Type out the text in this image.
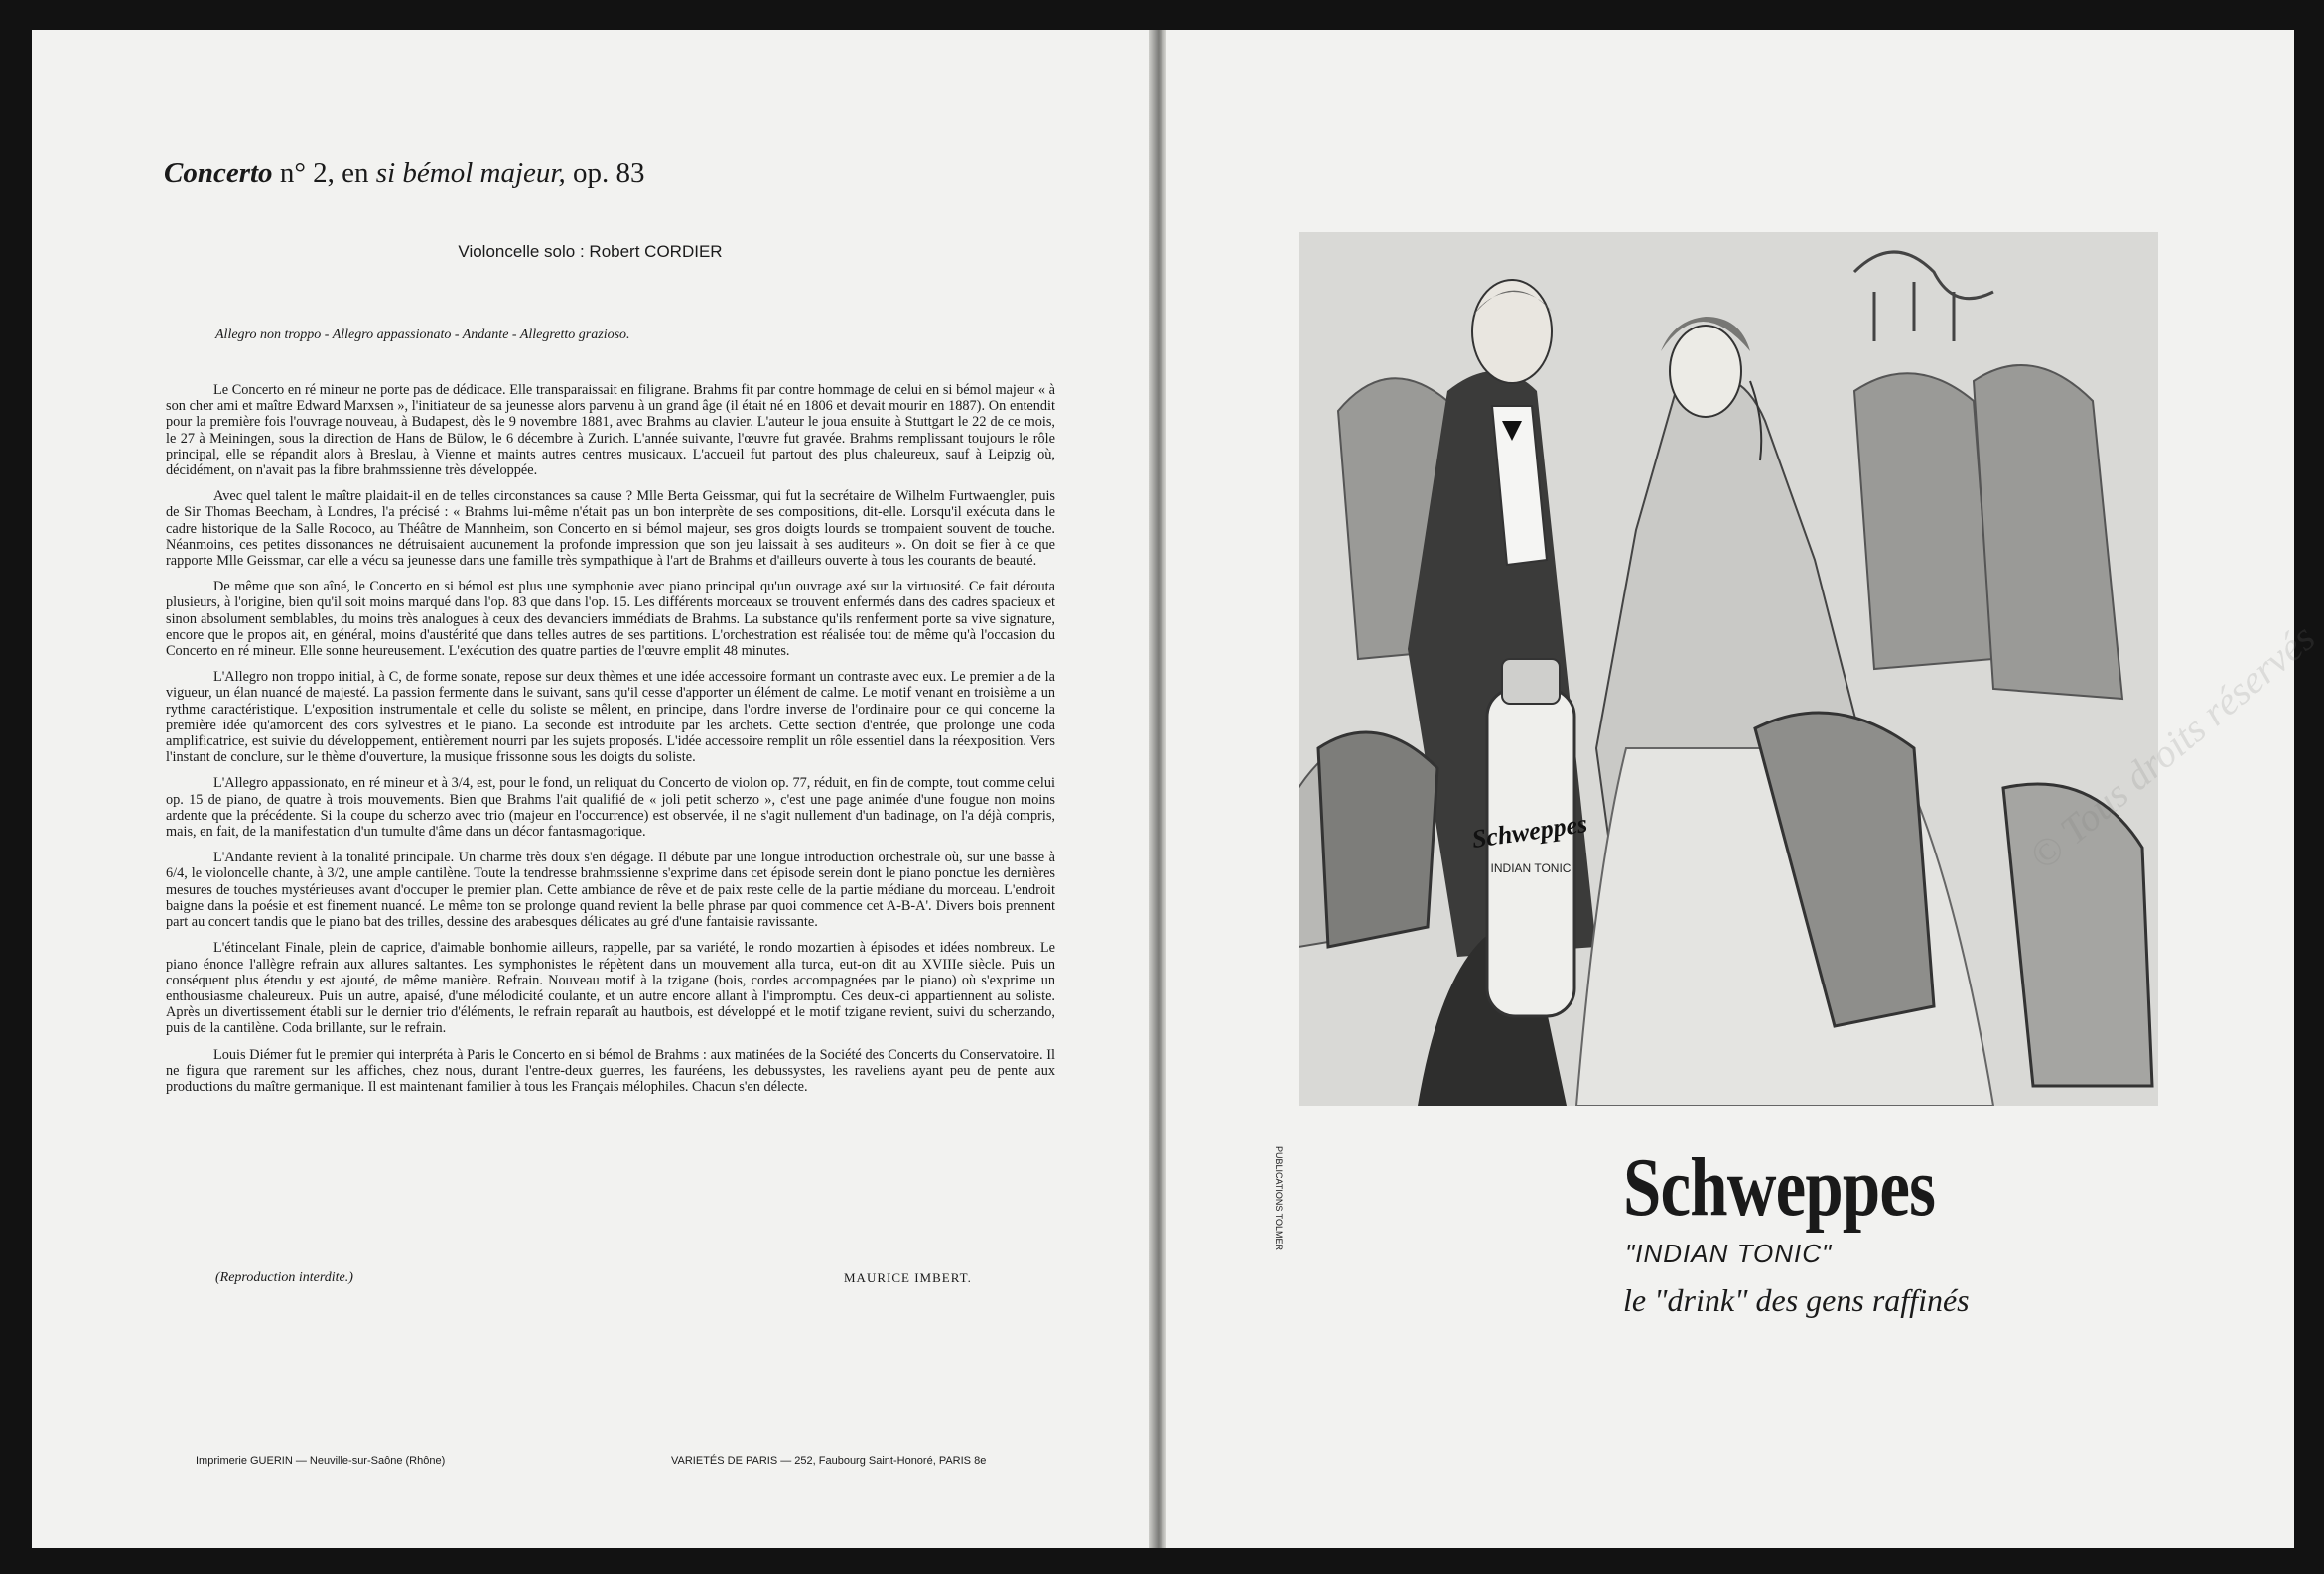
Concerto n° 2, en si bémol majeur, op. 83

Violoncelle solo : Robert CORDIER

Allegro non troppo - Allegro appassionato - Andante - Allegretto grazioso.

Le Concerto en ré mineur ne porte pas de dédicace. Elle transparaissait en filigrane. Brahms fit par contre hommage de celui en si bémol majeur « à son cher ami et maître Edward Marxsen », l'initiateur de sa jeunesse alors parvenu à un grand âge (il était né en 1806 et devait mourir en 1887). On entendit pour la première fois l'ouvrage nouveau, à Budapest, dès le 9 novembre 1881, avec Brahms au clavier. L'auteur le joua ensuite à Stuttgart le 22 de ce mois, le 27 à Meiningen, sous la direction de Hans de Bülow, le 6 décembre à Zurich. L'année suivante, l'œuvre fut gravée. Brahms remplissant toujours le rôle principal, elle se répandit alors à Breslau, à Vienne et maints autres centres musicaux. L'accueil fut partout des plus chaleureux, sauf à Leipzig où, décidément, on n'avait pas la fibre brahmssienne très développée.

Avec quel talent le maître plaidait-il en de telles circonstances sa cause ? Mlle Berta Geissmar, qui fut la secrétaire de Wilhelm Furtwaengler, puis de Sir Thomas Beecham, à Londres, l'a précisé : « Brahms lui-même n'était pas un bon interprète de ses compositions, dit-elle. Lorsqu'il exécuta dans le cadre historique de la Salle Rococo, au Théâtre de Mannheim, son Concerto en si bémol majeur, ses gros doigts lourds se trompaient souvent de touche. Néanmoins, ces petites dissonances ne détruisaient aucunement la profonde impression que son jeu laissait à ses auditeurs ». On doit se fier à ce que rapporte Mlle Geissmar, car elle a vécu sa jeunesse dans une famille très sympathique à l'art de Brahms et d'ailleurs ouverte à tous les courants de beauté.

De même que son aîné, le Concerto en si bémol est plus une symphonie avec piano principal qu'un ouvrage axé sur la virtuosité. Ce fait dérouta plusieurs, à l'origine, bien qu'il soit moins marqué dans l'op. 83 que dans l'op. 15. Les différents morceaux se trouvent enfermés dans des cadres spacieux et sinon absolument semblables, du moins très analogues à ceux des devanciers immédiats de Brahms. La substance qu'ils renferment porte sa vive signature, encore que le propos ait, en général, moins d'austérité que dans telles autres de ses partitions. L'orchestration est réalisée tout de même qu'à l'occasion du Concerto en ré mineur. Elle sonne heureusement. L'exécution des quatre parties de l'œuvre emplit 48 minutes.

L'Allegro non troppo initial, à C, de forme sonate, repose sur deux thèmes et une idée accessoire formant un contraste avec eux. Le premier a de la vigueur, un élan nuancé de majesté. La passion fermente dans le suivant, sans qu'il cesse d'apporter un élément de calme. Le motif venant en troisième a un rythme caractéristique. L'exposition instrumentale et celle du soliste se mêlent, en principe, dans l'ordre inverse de l'ordinaire pour ce qui concerne la première idée qu'amorcent des cors sylvestres et le piano. La seconde est introduite par les archets. Cette section d'entrée, que prolonge une coda amplificatrice, est suivie du développement, entièrement nourri par les sujets proposés. L'idée accessoire remplit un rôle essentiel dans la réexposition. Vers l'instant de conclure, sur le thème d'ouverture, la musique frissonne sous les doigts du soliste.

L'Allegro appassionato, en ré mineur et à 3/4, est, pour le fond, un reliquat du Concerto de violon op. 77, réduit, en fin de compte, tout comme celui op. 15 de piano, de quatre à trois mouvements. Bien que Brahms l'ait qualifié de « joli petit scherzo », c'est une page animée d'une fougue non moins ardente que la précédente. Si la coupe du scherzo avec trio (majeur en l'occurrence) est observée, il ne s'agit nullement d'un badinage, on l'a déjà compris, mais, en fait, de la manifestation d'un tumulte d'âme dans un décor fantasmagorique.

L'Andante revient à la tonalité principale. Un charme très doux s'en dégage. Il débute par une longue introduction orchestrale où, sur une basse à 6/4, le violoncelle chante, à 3/2, une ample cantilène. Toute la tendresse brahmssienne s'exprime dans cet épisode serein dont le piano ponctue les dernières mesures de touches mystérieuses avant d'occuper le premier plan. Cette ambiance de rêve et de paix reste celle de la partie médiane du morceau. L'endroit baigne dans la poésie et est finement nuancé. Le même ton se prolonge quand revient la belle phrase par quoi commence cet A-B-A'. Divers bois prennent part au concert tandis que le piano bat des trilles, dessine des arabesques délicates au gré d'une fantaisie ravissante.

L'étincelant Finale, plein de caprice, d'aimable bonhomie ailleurs, rappelle, par sa variété, le rondo mozartien à épisodes et idées nombreux. Le piano énonce l'allègre refrain aux allures saltantes. Les symphonistes le répètent dans un mouvement alla turca, eut-on dit au XVIIIe siècle. Puis un conséquent plus étendu y est ajouté, de même manière. Refrain. Nouveau motif à la tzigane (bois, cordes accompagnées par le piano) où s'exprime un enthousiasme chaleureux. Puis un autre, apaisé, d'une mélodicité coulante, et un autre encore allant à l'impromptu. Ces deux-ci appartiennent au soliste. Après un divertissement établi sur le dernier trio d'éléments, le refrain reparaît au hautbois, est développé et le motif tzigane revient, suivi du scherzando, puis de la cantilène. Coda brillante, sur le refrain.

Louis Diémer fut le premier qui interpréta à Paris le Concerto en si bémol de Brahms : aux matinées de la Société des Concerts du Conservatoire. Il ne figura que rarement sur les affiches, chez nous, durant l'entre-deux guerres, les fauréens, les debussystes, les raveliens ayant peu de pente aux productions du maître germanique. Il est maintenant familier à tous les Français mélophiles. Chacun s'en délecte.

(Reproduction interdite.)	MAURICE IMBERT.

Imprimerie GUERIN — Neuville-sur-Saône (Rhône)	VARIETÉS DE PARIS — 252, Faubourg Saint-Honoré, PARIS 8e

Schweppes
INDIAN TONIC

PUBLICATIONS TOLMER	Schweppes

"INDIAN TONIC"

le "drink" des gens raffinés

© Tous droits réservés
